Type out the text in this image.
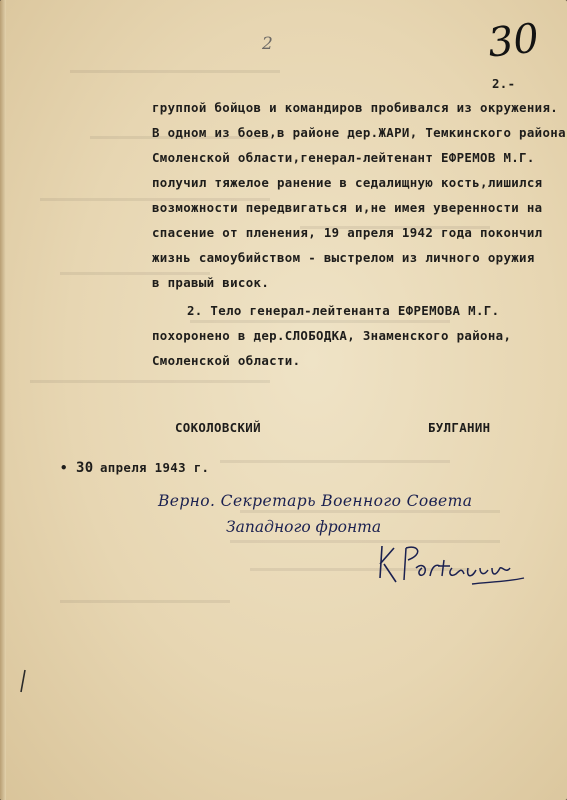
30
2
2.-
группой бойцов и командиров пробивался из окружения.
В одном из боев,в районе дер.ЖАРИ, Темкинского района
Смоленской области,генерал-лейтенант ЕФРЕМОВ М.Г.
получил тяжелое ранение в седалищную кость,лишился
возможности передвигаться и,не имея уверенности на
спасение от пленения, 19 апреля 1942 года покончил
жизнь самоубийством - выстрелом из личного оружия
в правый висок.
2. Тело генерал-лейтенанта ЕФРЕМОВА М.Г.
похоронено в дер.СЛОБОДКА, Знаменского района,
Смоленской области.
СОКОЛОВСКИЙ	БУЛГАНИН
• 30 апреля 1943 г.
Верно. Секретарь Военного Совета
Западного фронта
